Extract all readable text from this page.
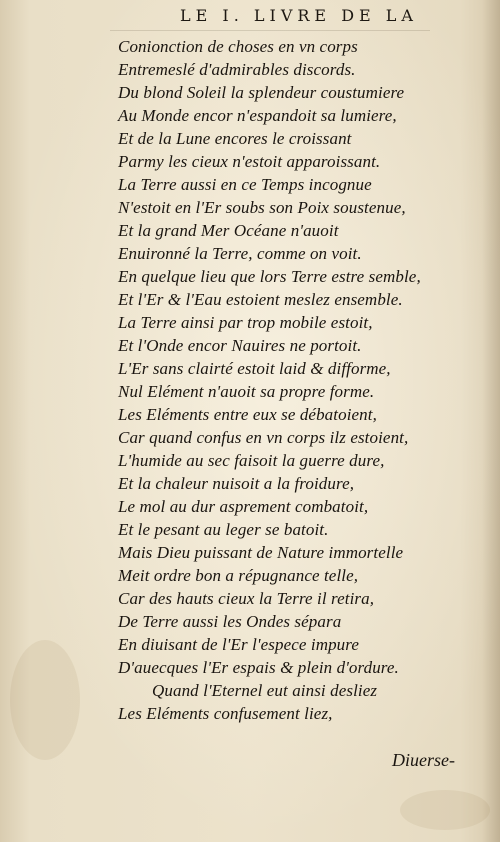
LE I. LIVRE DE LA
Conionction de choses en vn corps
Entremeslé d'admirables discords.
Du blond Soleil la splendeur coustumiere
Au Monde encor n'espandoit sa lumiere,
Et de la Lune encores le croissant
Parmy les cieux n'estoit apparoissant.
La Terre aussi en ce Temps incognue
N'estoit en l'Er soubs son Poix soustenue,
Et la grand Mer Océane n'auoit
Enuironné la Terre, comme on voit.
En quelque lieu que lors Terre estre semble,
Et l'Er & l'Eau estoient meslez ensemble.
La Terre ainsi par trop mobile estoit,
Et l'Onde encor Nauires ne portoit.
L'Er sans clairté estoit laid & difforme,
Nul Elément n'auoit sa propre forme.
Les Eléments entre eux se débatoient,
Car quand confus en vn corps ilz estoient,
L'humide au sec faisoit la guerre dure,
Et la chaleur nuisoit a la froidure,
Le mol au dur asprement combatoit,
Et le pesant au leger se batoit.
Mais Dieu puissant de Nature immortelle
Meit ordre bon a répugnance telle,
Car des hauts cieux la Terre il retira,
De Terre aussi les Ondes sépara
En diuisant de l'Er l'espece impure
D'auecques l'Er espais & plein d'ordure.
Quand l'Eternel eut ainsi desliez
Les Eléments confusement liez,
Diuerse-
